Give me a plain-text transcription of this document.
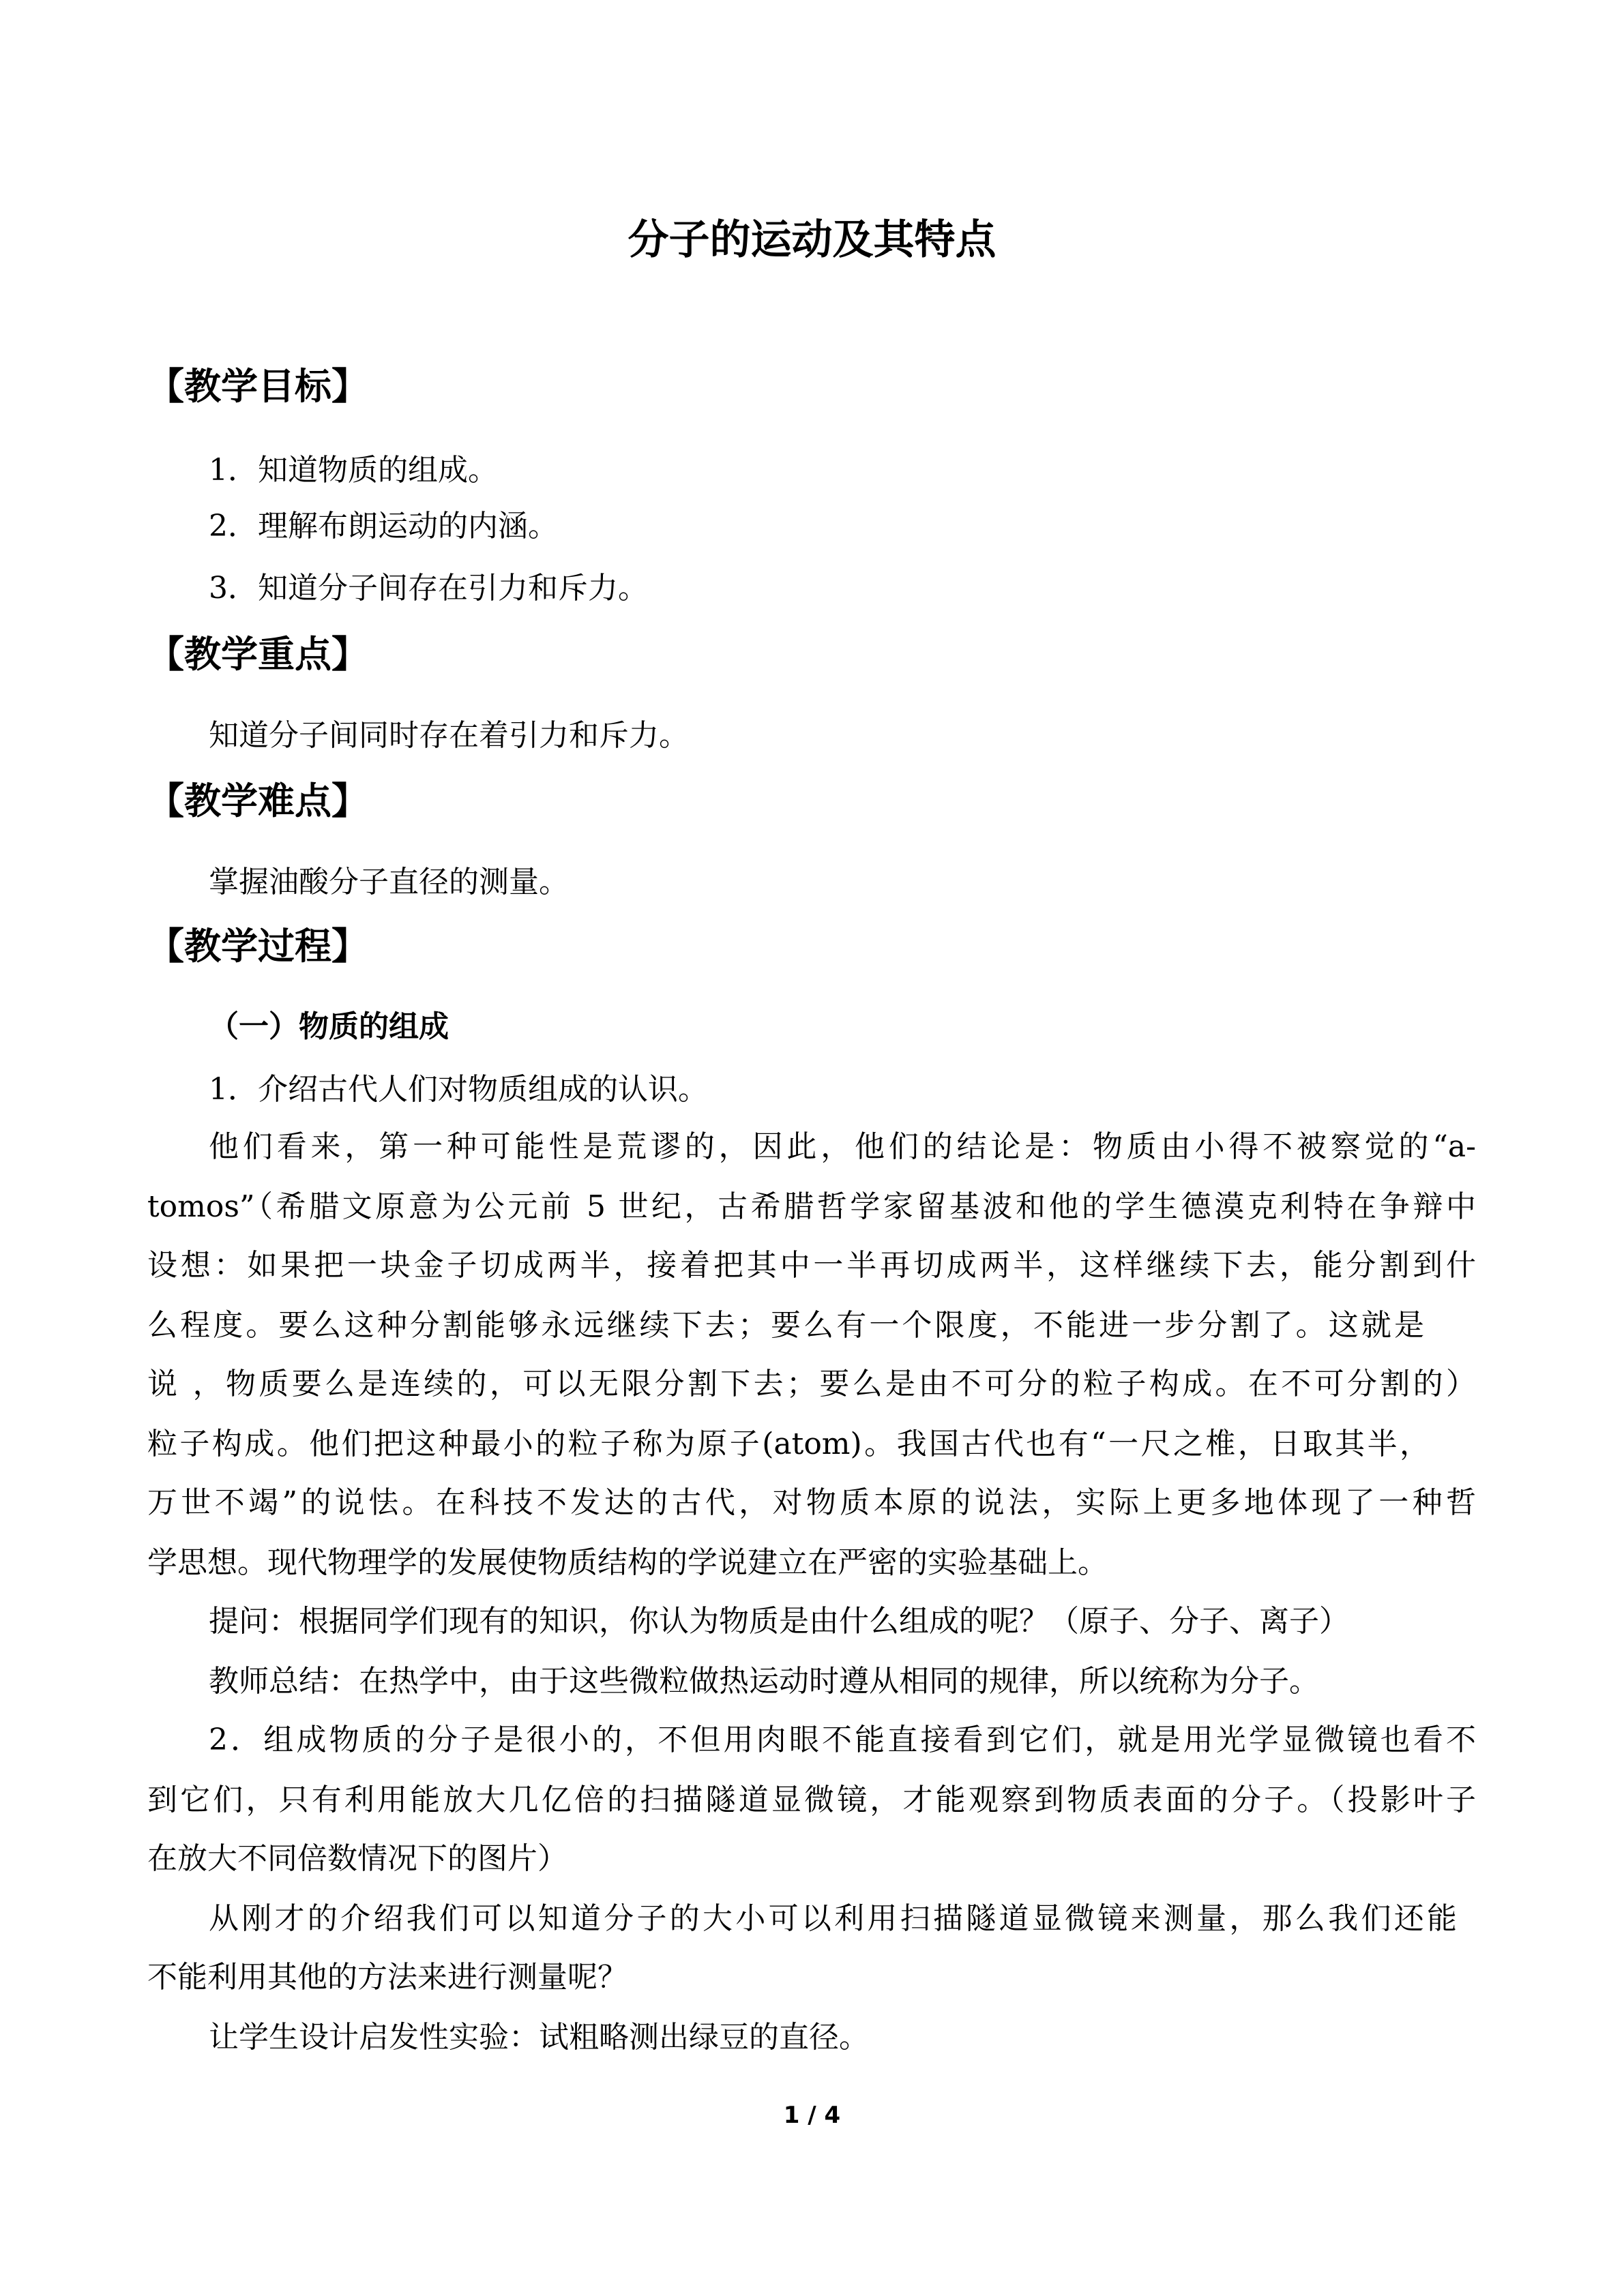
分子的运动及其特点
【教学目标】
1．知道物质的组成。
2．理解布朗运动的内涵。
3．知道分子间存在引力和斥力。
【教学重点】
知道分子间同时存在着引力和斥力。
【教学难点】
掌握油酸分子直径的测量。
【教学过程】
（一）物质的组成
1．介绍古代人们对物质组成的认识。
他们看来，第一种可能性是荒谬的，因此，他们的结论是：物质由小得不被察觉的“a-
tomos”（希腊文原意为公元前 5 世纪，古希腊哲学家留基波和他的学生德漠克利特在争辩中
设想：如果把一块金子切成两半，接着把其中一半再切成两半，这样继续下去，能分割到什
么程度。要么这种分割能够永远继续下去；要么有一个限度，不能进一步分割了。这就是
说 ，物质要么是连续的，可以无限分割下去；要么是由不可分的粒子构成。在不可分割的）
粒子构成。他们把这种最小的粒子称为原子(atom)。我国古代也有“一尺之椎，日取其半，
万世不竭”的说怯。在科技不发达的古代，对物质本原的说法，实际上更多地体现了一种哲
学思想。现代物理学的发展使物质结构的学说建立在严密的实验基础上。
提问：根据同学们现有的知识，你认为物质是由什么组成的呢？（原子、分子、离子）
教师总结：在热学中，由于这些微粒做热运动时遵从相同的规律，所以统称为分子。
2．组成物质的分子是很小的，不但用肉眼不能直接看到它们，就是用光学显微镜也看不
到它们，只有利用能放大几亿倍的扫描隧道显微镜，才能观察到物质表面的分子。（投影叶子
在放大不同倍数情况下的图片）
从刚才的介绍我们可以知道分子的大小可以利用扫描隧道显微镜来测量，那么我们还能
不能利用其他的方法来进行测量呢？
让学生设计启发性实验：试粗略测出绿豆的直径。
1 / 4
